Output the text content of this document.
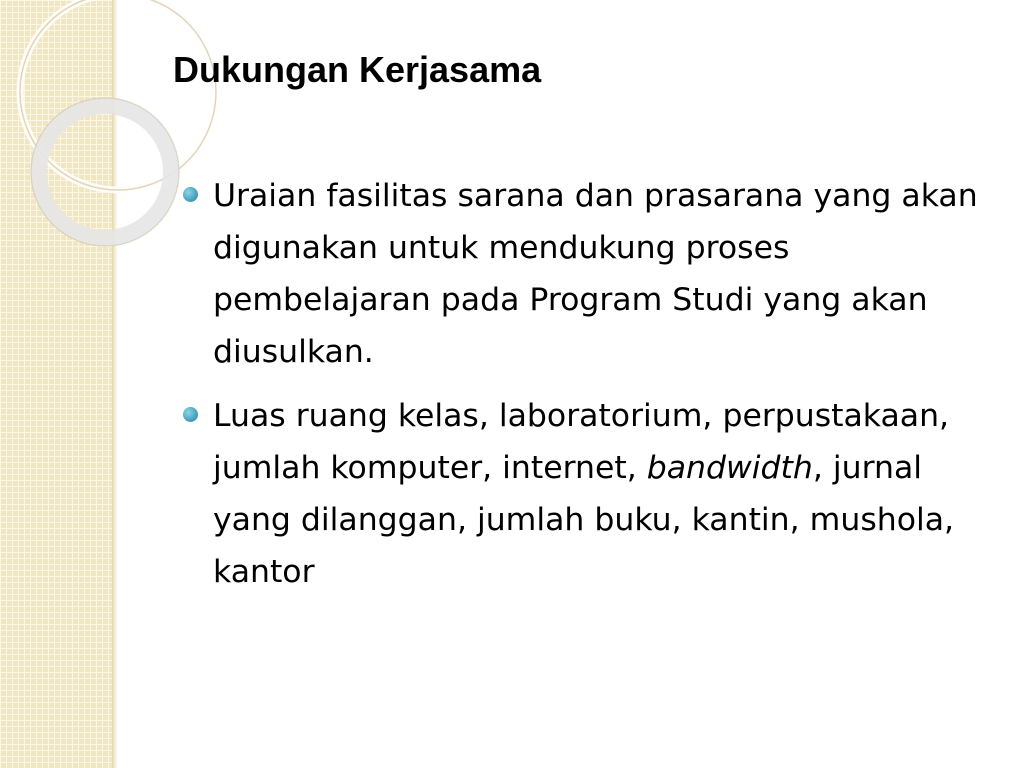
Dukungan Kerjasama
Uraian fasilitas sarana dan prasarana yang akan digunakan untuk mendukung proses pembelajaran pada Program Studi yang akan diusulkan.
Luas ruang kelas, laboratorium, perpustakaan, jumlah komputer, internet, bandwidth, jurnal yang dilanggan, jumlah buku, kantin, mushola, kantor
